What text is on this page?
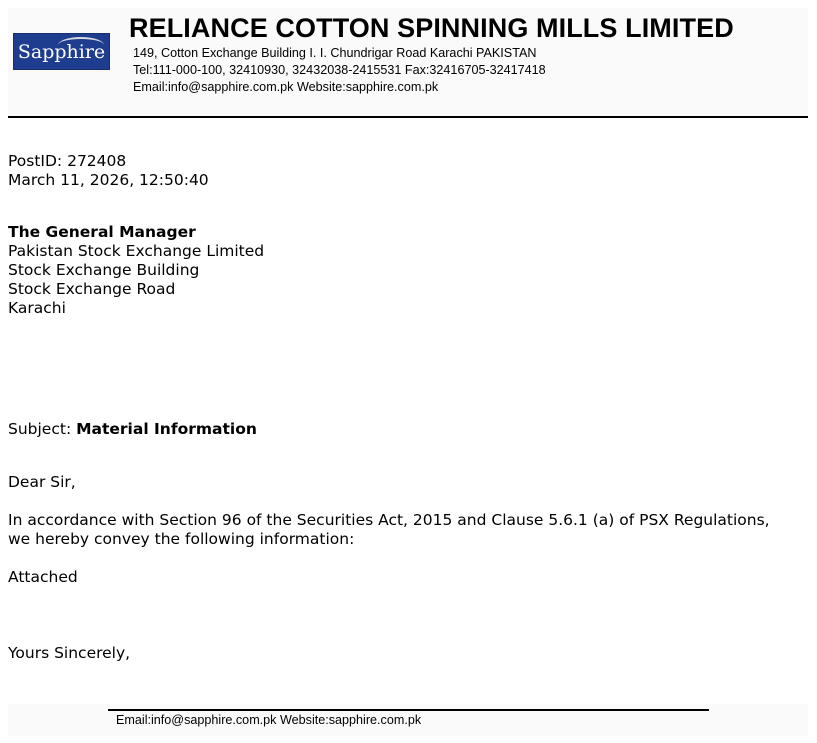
Sapphire
RELIANCE COTTON SPINNING MILLS LIMITED
149, Cotton Exchange Building I. I. Chundrigar Road Karachi PAKISTAN
Tel:111-000-100, 32410930, 32432038-2415531 Fax:32416705-32417418
Email:info@sapphire.com.pk Website:sapphire.com.pk
PostID: 272408
March 11, 2026, 12:50:40
The General Manager
Pakistan Stock Exchange Limited
Stock Exchange Building
Stock Exchange Road
Karachi
Subject: Material Information
Dear Sir,
In accordance with Section 96 of the Securities Act, 2015 and Clause 5.6.1 (a) of PSX Regulations,
we hereby convey the following information:
Attached
Yours Sincerely,
Email:info@sapphire.com.pk Website:sapphire.com.pk
